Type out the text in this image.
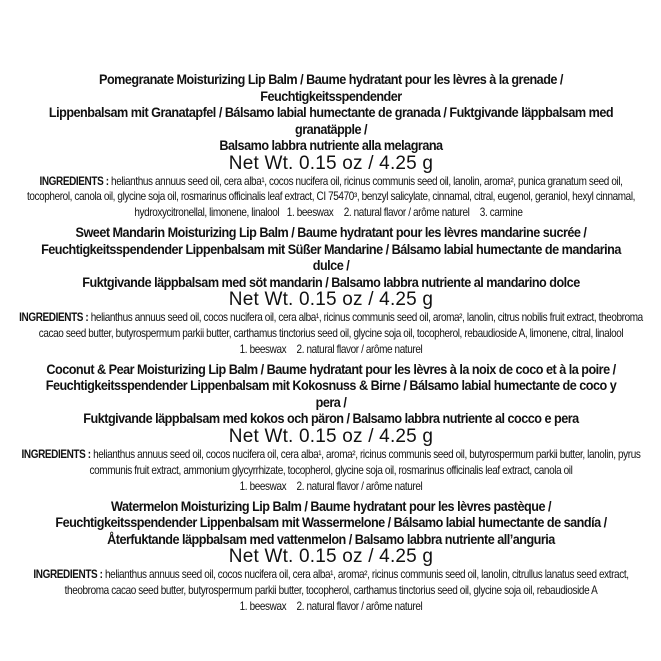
Pomegranate Moisturizing Lip Balm / Baume hydratant pour les lèvres à la grenade / Feuchtigkeitsspendender
Lippenbalsam mit Granatapfel / Bálsamo labial humectante de granada / Fuktgivande läppbalsam med granatäpple /
Balsamo labbra nutriente alla melagrana
Net Wt. 0.15 oz / 4.25 g
INGREDIENTS : helianthus annuus seed oil, cera alba¹, cocos nucifera oil, ricinus communis seed oil, lanolin, aroma², punica granatum seed oil, tocopherol, canola oil, glycine soja oil, rosmarinus officinalis leaf extract, CI 75470³, benzyl salicylate, cinnamal, citral, eugenol, geraniol, hexyl cinnamal, hydroxycitronellal, limonene, linalool 1. beeswax 2. natural flavor / arôme naturel 3. carmine
Sweet Mandarin Moisturizing Lip Balm / Baume hydratant pour les lèvres mandarine sucrée /
Feuchtigkeitsspendender Lippenbalsam mit Süßer Mandarine / Bálsamo labial humectante de mandarina dulce /
Fuktgivande läppbalsam med söt mandarin / Balsamo labbra nutriente al mandarino dolce
Net Wt. 0.15 oz / 4.25 g
INGREDIENTS : helianthus annuus seed oil, cocos nucifera oil, cera alba¹, ricinus communis seed oil, aroma², lanolin, citrus nobilis fruit extract, theobroma cacao seed butter, butyrospermum parkii butter, carthamus tinctorius seed oil, glycine soja oil, tocopherol, rebaudioside A, limonene, citral, linalool
1. beeswax 2. natural flavor / arôme naturel
Coconut & Pear Moisturizing Lip Balm / Baume hydratant pour les lèvres à la noix de coco et à la poire /
Feuchtigkeitsspendender Lippenbalsam mit Kokosnuss & Birne / Bálsamo labial humectante de coco y pera /
Fuktgivande läppbalsam med kokos och päron / Balsamo labbra nutriente al cocco e pera
Net Wt. 0.15 oz / 4.25 g
INGREDIENTS : helianthus annuus seed oil, cocos nucifera oil, cera alba¹, aroma², ricinus communis seed oil, butyrospermum parkii butter, lanolin, pyrus communis fruit extract, ammonium glycyrrhizate, tocopherol, glycine soja oil, rosmarinus officinalis leaf extract, canola oil
1. beeswax 2. natural flavor / arôme naturel
Watermelon Moisturizing Lip Balm / Baume hydratant pour les lèvres pastèque /
Feuchtigkeitsspendender Lippenbalsam mit Wassermelone / Bálsamo labial humectante de sandía /
Återfuktande läppbalsam med vattenmelon / Balsamo labbra nutriente all’anguria
Net Wt. 0.15 oz / 4.25 g
INGREDIENTS : helianthus annuus seed oil, cocos nucifera oil, cera alba¹, aroma², ricinus communis seed oil, lanolin, citrullus lanatus seed extract, theobroma cacao seed butter, butyrospermum parkii butter, tocopherol, carthamus tinctorius seed oil, glycine soja oil, rebaudioside A
1. beeswax 2. natural flavor / arôme naturel
